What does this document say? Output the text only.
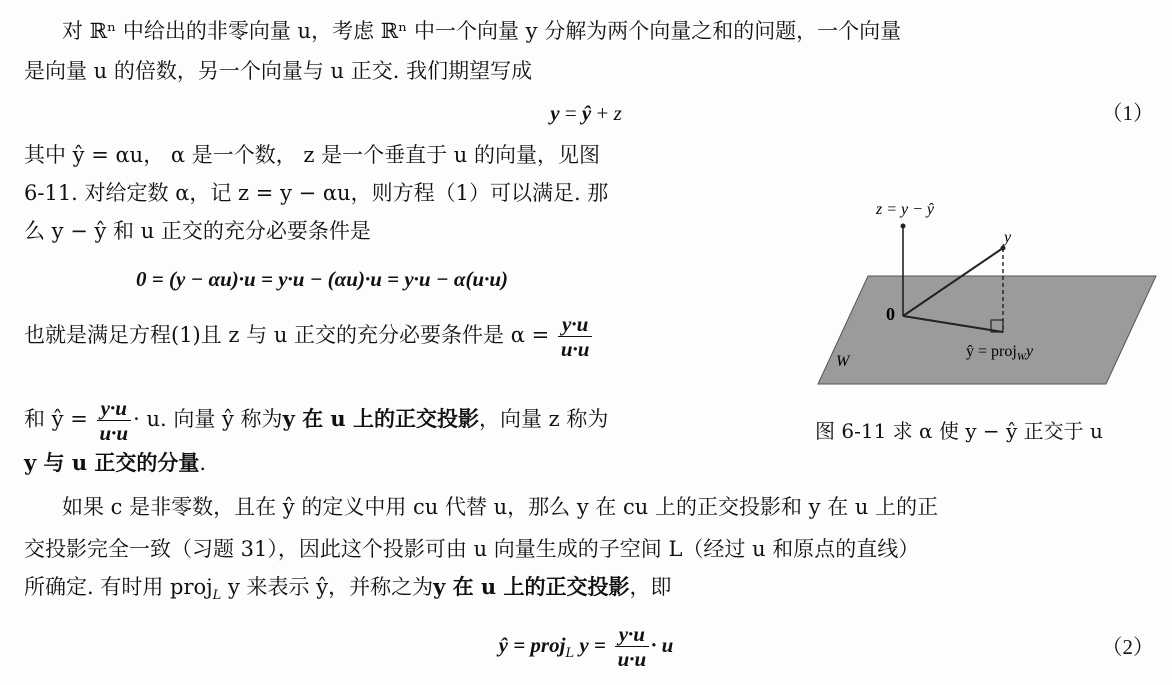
对 ℝⁿ 中给出的非零向量 u，考虑 ℝⁿ 中一个向量 y 分解为两个向量之和的问题，一个向量
是向量 u 的倍数，另一个向量与 u 正交. 我们期望写成
y = ŷ + z	（1）
其中 ŷ = αu， α 是一个数， z 是一个垂直于 u 的向量，见图
6-11. 对给定数 α，记 z = y − αu，则方程（1）可以满足. 那
么 y − ŷ 和 u 正交的充分必要条件是
0 = (y − αu)·u = y·u − (αu)·u = y·u − α(u·u)
也就是满足方程(1)且 z 与 u 正交的充分必要条件是 $\alpha = \frac{y\cdot u}{u\cdot u}$
和 ŷ = $\frac{y\cdot u}{u\cdot u} \cdot u$. 向量 ŷ 称为y 在 u 上的正交投影，向量 z 称为
y 与 u 正交的分量.
z = y − ŷ
y
0
W
ŷ = proj$_W$y
图 6-11 求 α 使 y − ŷ 正交于 u
如果 c 是非零数，且在 ŷ 的定义中用 cu 代替 u，那么 y 在 cu 上的正交投影和 y 在 u 上的正
交投影完全一致（习题 31），因此这个投影可由 u 向量生成的子空间 L（经过 u 和原点的直线）
所确定. 有时用 proj$_L$ y 来表示 ŷ，并称之为y 在 u 上的正交投影，即
ŷ = proj$_L$ $y = \frac{y\cdot u}{u\cdot u} \cdot u$	（2）
